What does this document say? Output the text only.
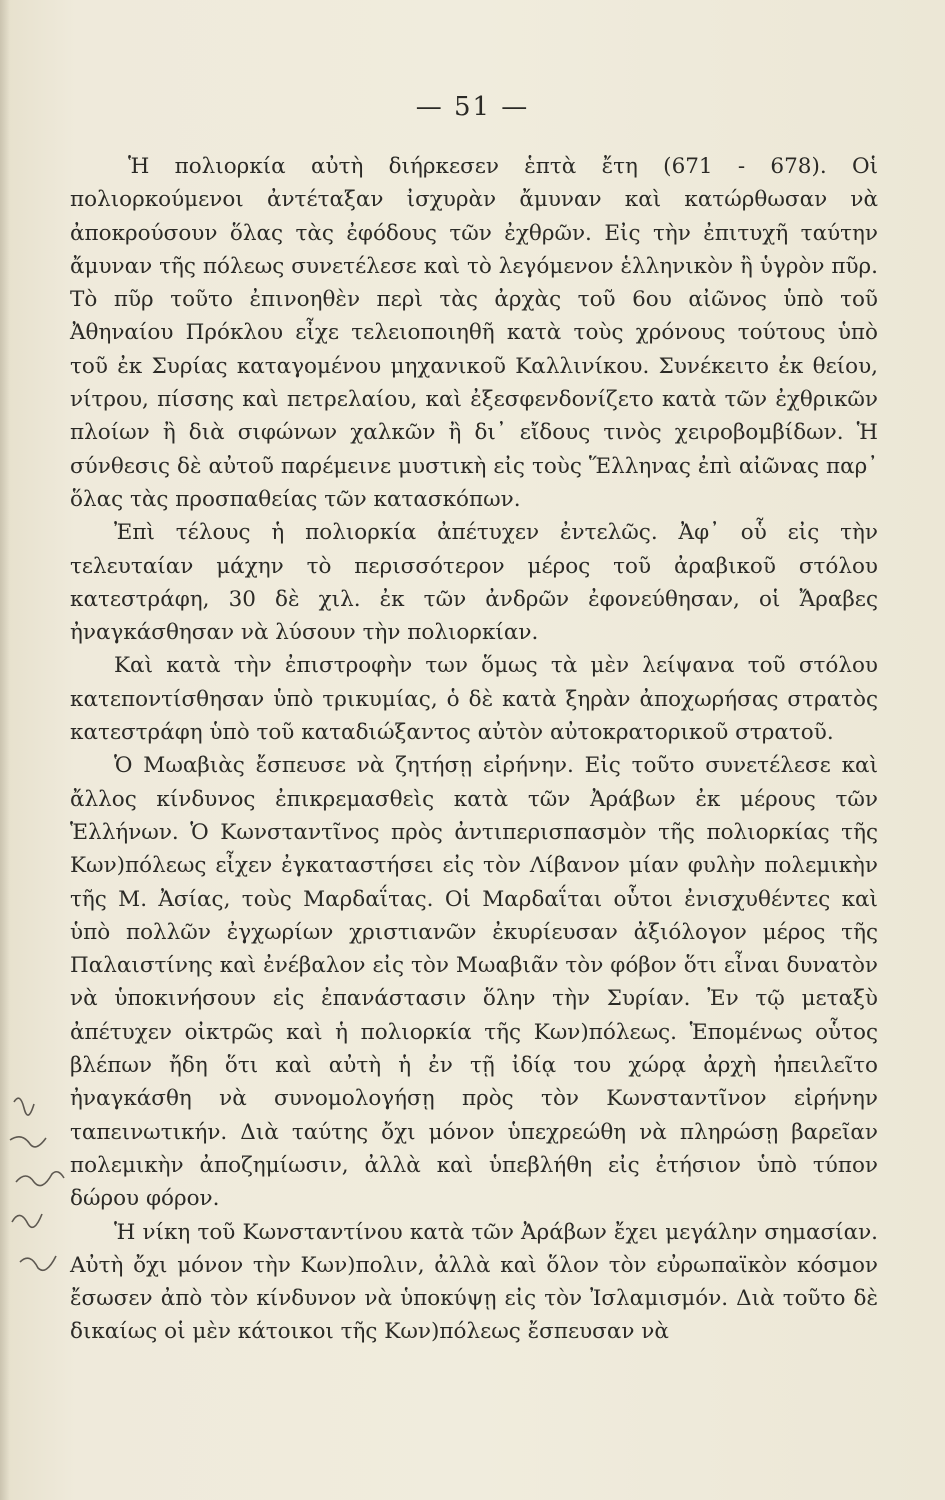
— 51 —

Ἡ πολιορκία αὐτὴ διήρκεσεν ἑπτὰ ἔτη (671 - 678). Οἱ πολιορκούμενοι ἀντέταξαν ἰσχυρὰν ἄμυναν καὶ κατώρθωσαν νὰ ἀποκρούσουν ὅλας τὰς ἐφόδους τῶν ἐχθρῶν. Εἰς τὴν ἐπιτυχῆ ταύτην ἄμυναν τῆς πόλεως συνετέλεσε καὶ τὸ λεγόμενον ἑλληνικὸν ἢ ὑγρὸν πῦρ. Τὸ πῦρ τοῦτο ἐπινοηθὲν περὶ τὰς ἀρχὰς τοῦ 6ου αἰῶνος ὑπὸ τοῦ Ἀθηναίου Πρόκλου εἶχε τελειοποιηθῆ κατὰ τοὺς χρόνους τούτους ὑπὸ τοῦ ἐκ Συρίας καταγομένου μηχανικοῦ Καλλινίκου. Συνέκειτο ἐκ θείου, νίτρου, πίσσης καὶ πετρελαίου, καὶ ἐξεσφενδονίζετο κατὰ τῶν ἐχθρικῶν πλοίων ἢ διὰ σιφώνων χαλκῶν ἢ δι᾽ εἴδους τινὸς χειροβομβίδων. Ἡ σύνθεσις δὲ αὐτοῦ παρέμεινε μυστικὴ εἰς τοὺς Ἕλληνας ἐπὶ αἰῶνας παρ᾽ ὅλας τὰς προσπαθείας τῶν κατασκόπων.

Ἐπὶ τέλους ἡ πολιορκία ἀπέτυχεν ἐντελῶς. Ἀφ᾽ οὗ εἰς τὴν τελευταίαν μάχην τὸ περισσότερον μέρος τοῦ ἀραβικοῦ στόλου κατεστράφη, 30 δὲ χιλ. ἐκ τῶν ἀνδρῶν ἐφονεύθησαν, οἱ Ἄραβες ἠναγκάσθησαν νὰ λύσουν τὴν πολιορκίαν.

Καὶ κατὰ τὴν ἐπιστροφὴν των ὅμως τὰ μὲν λείψανα τοῦ στόλου κατεποντίσθησαν ὑπὸ τρικυμίας, ὁ δὲ κατὰ ξηρὰν ἀποχωρήσας στρατὸς κατεστράφη ὑπὸ τοῦ καταδιώξαντος αὐτὸν αὐτοκρατορικοῦ στρατοῦ.

Ὁ Μωαβιὰς ἔσπευσε νὰ ζητήσῃ εἰρήνην. Εἰς τοῦτο συνετέλεσε καὶ ἄλλος κίνδυνος ἐπικρεμασθεὶς κατὰ τῶν Ἀράβων ἐκ μέρους τῶν Ἑλλήνων. Ὁ Κωνσταντῖνος πρὸς ἀντιπερισπασμὸν τῆς πολιορκίας τῆς Κων)πόλεως εἶχεν ἐγκαταστήσει εἰς τὸν Λίβανον μίαν φυλὴν πολεμικὴν τῆς Μ. Ἀσίας, τοὺς Μαρδαΐτας. Οἱ Μαρδαΐται οὗτοι ἐνισχυθέντες καὶ ὑπὸ πολλῶν ἐγχωρίων χριστιανῶν ἐκυρίευσαν ἀξιόλογον μέρος τῆς Παλαιστίνης καὶ ἐνέβαλον εἰς τὸν Μωαβιᾶν τὸν φόβον ὅτι εἶναι δυνατὸν νὰ ὑποκινήσουν εἰς ἐπανάστασιν ὅλην τὴν Συρίαν. Ἐν τῷ μεταξὺ ἀπέτυχεν οἰκτρῶς καὶ ἡ πολιορκία τῆς Κων)πόλεως. Ἑπομένως οὗτος βλέπων ἤδη ὅτι καὶ αὐτὴ ἡ ἐν τῇ ἰδίᾳ του χώρᾳ ἀρχὴ ἠπειλεῖτο ἠναγκάσθη νὰ συνομολογήσῃ πρὸς τὸν Κωνσταντῖνον εἰρήνην ταπεινωτικήν. Διὰ ταύτης ὄχι μόνον ὑπεχρεώθη νὰ πληρώσῃ βαρεῖαν πολεμικὴν ἀποζημίωσιν, ἀλλὰ καὶ ὑπεβλήθη εἰς ἐτήσιον ὑπὸ τύπον δώρου φόρον.

Ἡ νίκη τοῦ Κωνσταντίνου κατὰ τῶν Ἀράβων ἔχει μεγάλην σημασίαν. Αὐτὴ ὄχι μόνον τὴν Κων)πολιν, ἀλλὰ καὶ ὅλον τὸν εὐρωπαϊκὸν κόσμον ἔσωσεν ἀπὸ τὸν κίνδυνον νὰ ὑποκύψῃ εἰς τὸν Ἰσλαμισμόν. Διὰ τοῦτο δὲ δικαίως οἱ μὲν κάτοικοι τῆς Κων)πόλεως ἔσπευσαν νὰ
